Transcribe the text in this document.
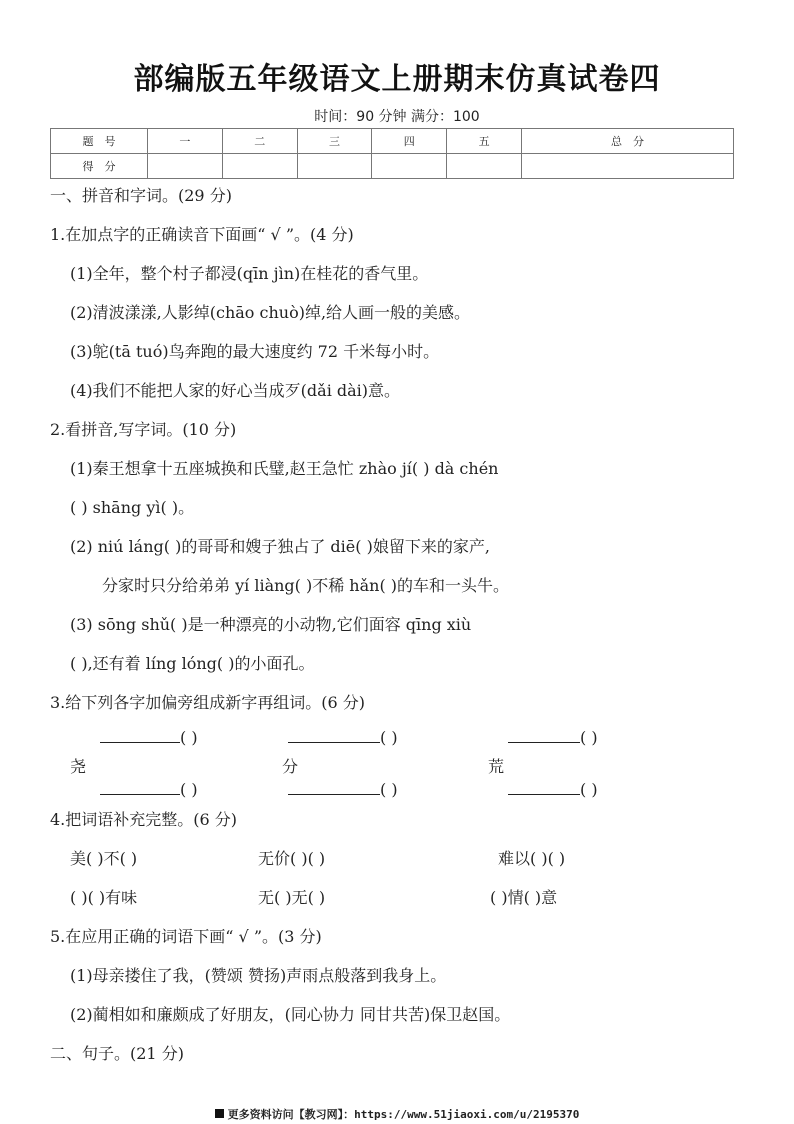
部编版五年级语文上册期末仿真试卷四
时间：90 分钟 满分：100
题　号	一	二	三	四	五	总　分
得　分						
一、拼音和字词。(29 分)
1.在加点字的正确读音下面画“ √ ”。(4 分)
(1)全年，整个村子都浸(qīn jìn)在桂花的香气里。
(2)清波漾漾,人影绰(chāo chuò)绰,给人画一般的美感。
(3)鸵(tā tuó)鸟奔跑的最大速度约 72 千米每小时。
(4)我们不能把人家的好心当成歹(dǎi dài)意。
2.看拼音,写字词。(10 分)
(1)秦王想拿十五座城换和氏璧,赵王急忙 zhào jí( ) dà chén
( ) shāng yì( )。
(2) niú láng( )的哥哥和嫂子独占了 diē( )娘留下来的家产,
分家时只分给弟弟 yí liàng( )不稀 hǎn( )的车和一头牛。
(3) sōng shǔ( )是一种漂亮的小动物,它们面容 qīng xiù
( ),还有着 líng lóng( )的小面孔。
3.给下列各字加偏旁组成新字再组词。(6 分)
( )	( )	( )
尧	分	荒
( )	( )	( )
4.把词语补充完整。(6 分)
美( )不( )	无价( )( )	难以( )( )
( )( )有味	无( )无( )	( )情( )意
5.在应用正确的词语下画“ √ ”。(3 分)
(1)母亲搂住了我，(赞颂 赞扬)声雨点般落到我身上。
(2)蔺相如和廉颇成了好朋友，(同心协力 同甘共苦)保卫赵国。
二、句子。(21 分)
更多资料访问【教习网】：https://www.51jiaoxi.com/u/2195370
